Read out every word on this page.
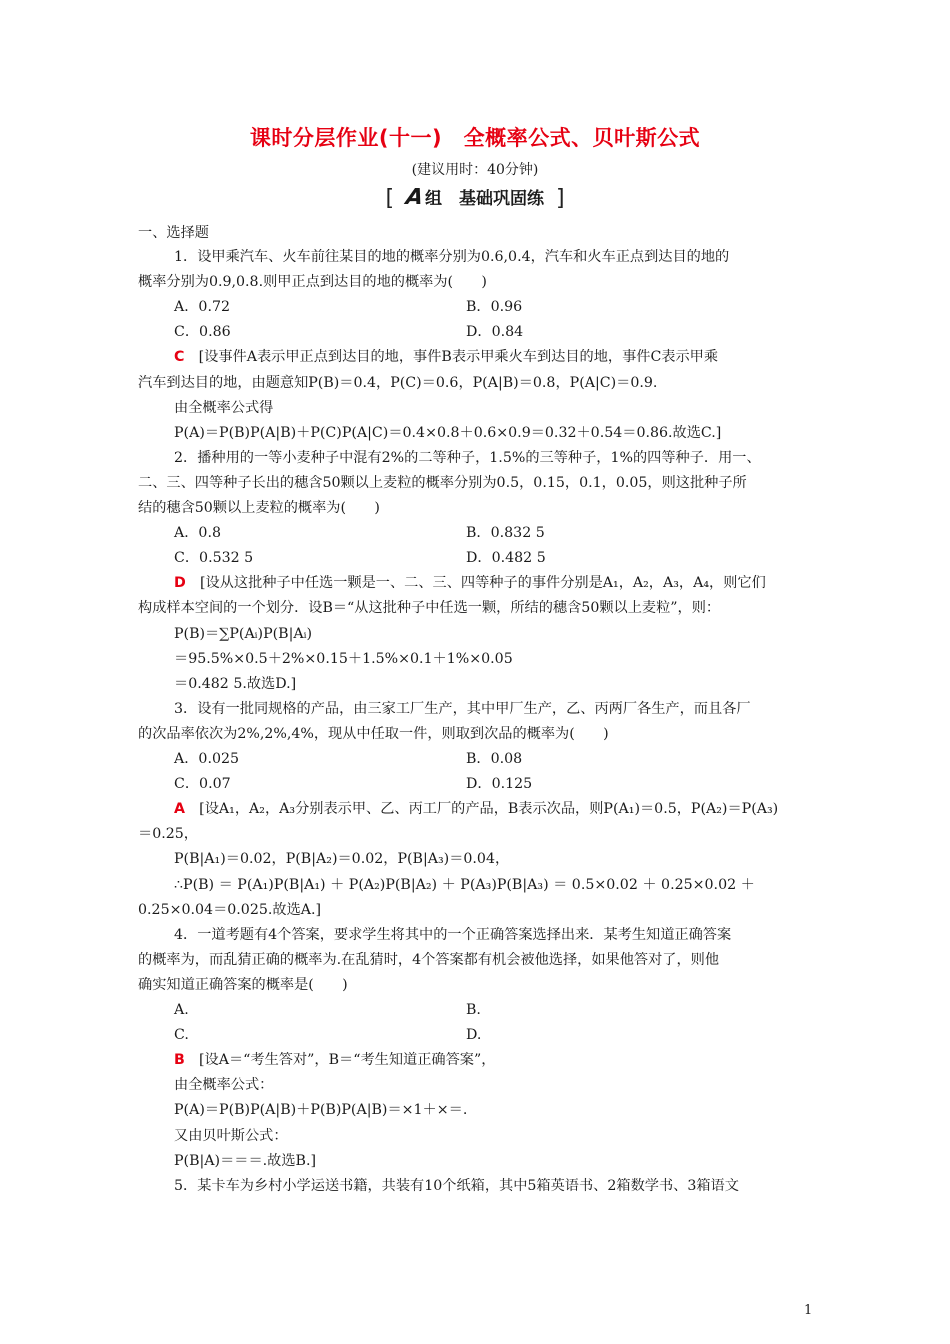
课时分层作业(十一)　全概率公式、贝叶斯公式
(建议用时：40分钟)
[ A组　基础巩固练 ]
一、选择题
1．设甲乘汽车、火车前往某目的地的概率分别为0.6,0.4，汽车和火车正点到达目的地的
概率分别为0.9,0.8.则甲正点到达目的地的概率为(　　)
A．0.72	B．0.96
C．0.86	D．0.84
C　[设事件A表示甲正点到达目的地，事件B表示甲乘火车到达目的地，事件C表示甲乘
汽车到达目的地，由题意知P(B)＝0.4，P(C)＝0.6，P(A|B)＝0.8，P(A|C)＝0.9.
由全概率公式得
P(A)＝P(B)P(A|B)＋P(C)P(A|C)＝0.4×0.8＋0.6×0.9＝0.32＋0.54＝0.86.故选C.]
2．播种用的一等小麦种子中混有2%的二等种子，1.5%的三等种子，1%的四等种子．用一、
二、三、四等种子长出的穗含50颗以上麦粒的概率分别为0.5，0.15，0.1，0.05，则这批种子所
结的穗含50颗以上麦粒的概率为(　　)
A．0.8	B．0.832 5
C．0.532 5	D．0.482 5
D　[设从这批种子中任选一颗是一、二、三、四等种子的事件分别是A₁，A₂，A₃，A₄，则它们
构成样本空间的一个划分．设B＝“从这批种子中任选一颗，所结的穗含50颗以上麦粒”，则：
P(B)＝∑P(Aᵢ)P(B|Aᵢ)
＝95.5%×0.5＋2%×0.15＋1.5%×0.1＋1%×0.05
＝0.482 5.故选D.]
3．设有一批同规格的产品，由三家工厂生产，其中甲厂生产，乙、丙两厂各生产，而且各厂
的次品率依次为2%,2%,4%，现从中任取一件，则取到次品的概率为(　　)
A．0.025	B．0.08
C．0.07	D．0.125
A　[设A₁，A₂，A₃分别表示甲、乙、丙工厂的产品，B表示次品，则P(A₁)＝0.5，P(A₂)＝P(A₃)
＝0.25，
P(B|A₁)＝0.02，P(B|A₂)＝0.02，P(B|A₃)＝0.04，
∴P(B) ＝ P(A₁)P(B|A₁) ＋ P(A₂)P(B|A₂) ＋ P(A₃)P(B|A₃) ＝ 0.5×0.02 ＋ 0.25×0.02 ＋
0.25×0.04＝0.025.故选A.]
4．一道考题有4个答案，要求学生将其中的一个正确答案选择出来．某考生知道正确答案
的概率为，而乱猜正确的概率为.在乱猜时，4个答案都有机会被他选择，如果他答对了，则他
确实知道正确答案的概率是(　　)
A.	B.
C.	D.
B　[设A＝“考生答对”，B＝“考生知道正确答案”，
由全概率公式：
P(A)＝P(B)P(A|B)＋P(B)P(A|B)＝×1＋×＝.
又由贝叶斯公式：
P(B|A)＝＝＝.故选B.]
5．某卡车为乡村小学运送书籍，共装有10个纸箱，其中5箱英语书、2箱数学书、3箱语文
1
